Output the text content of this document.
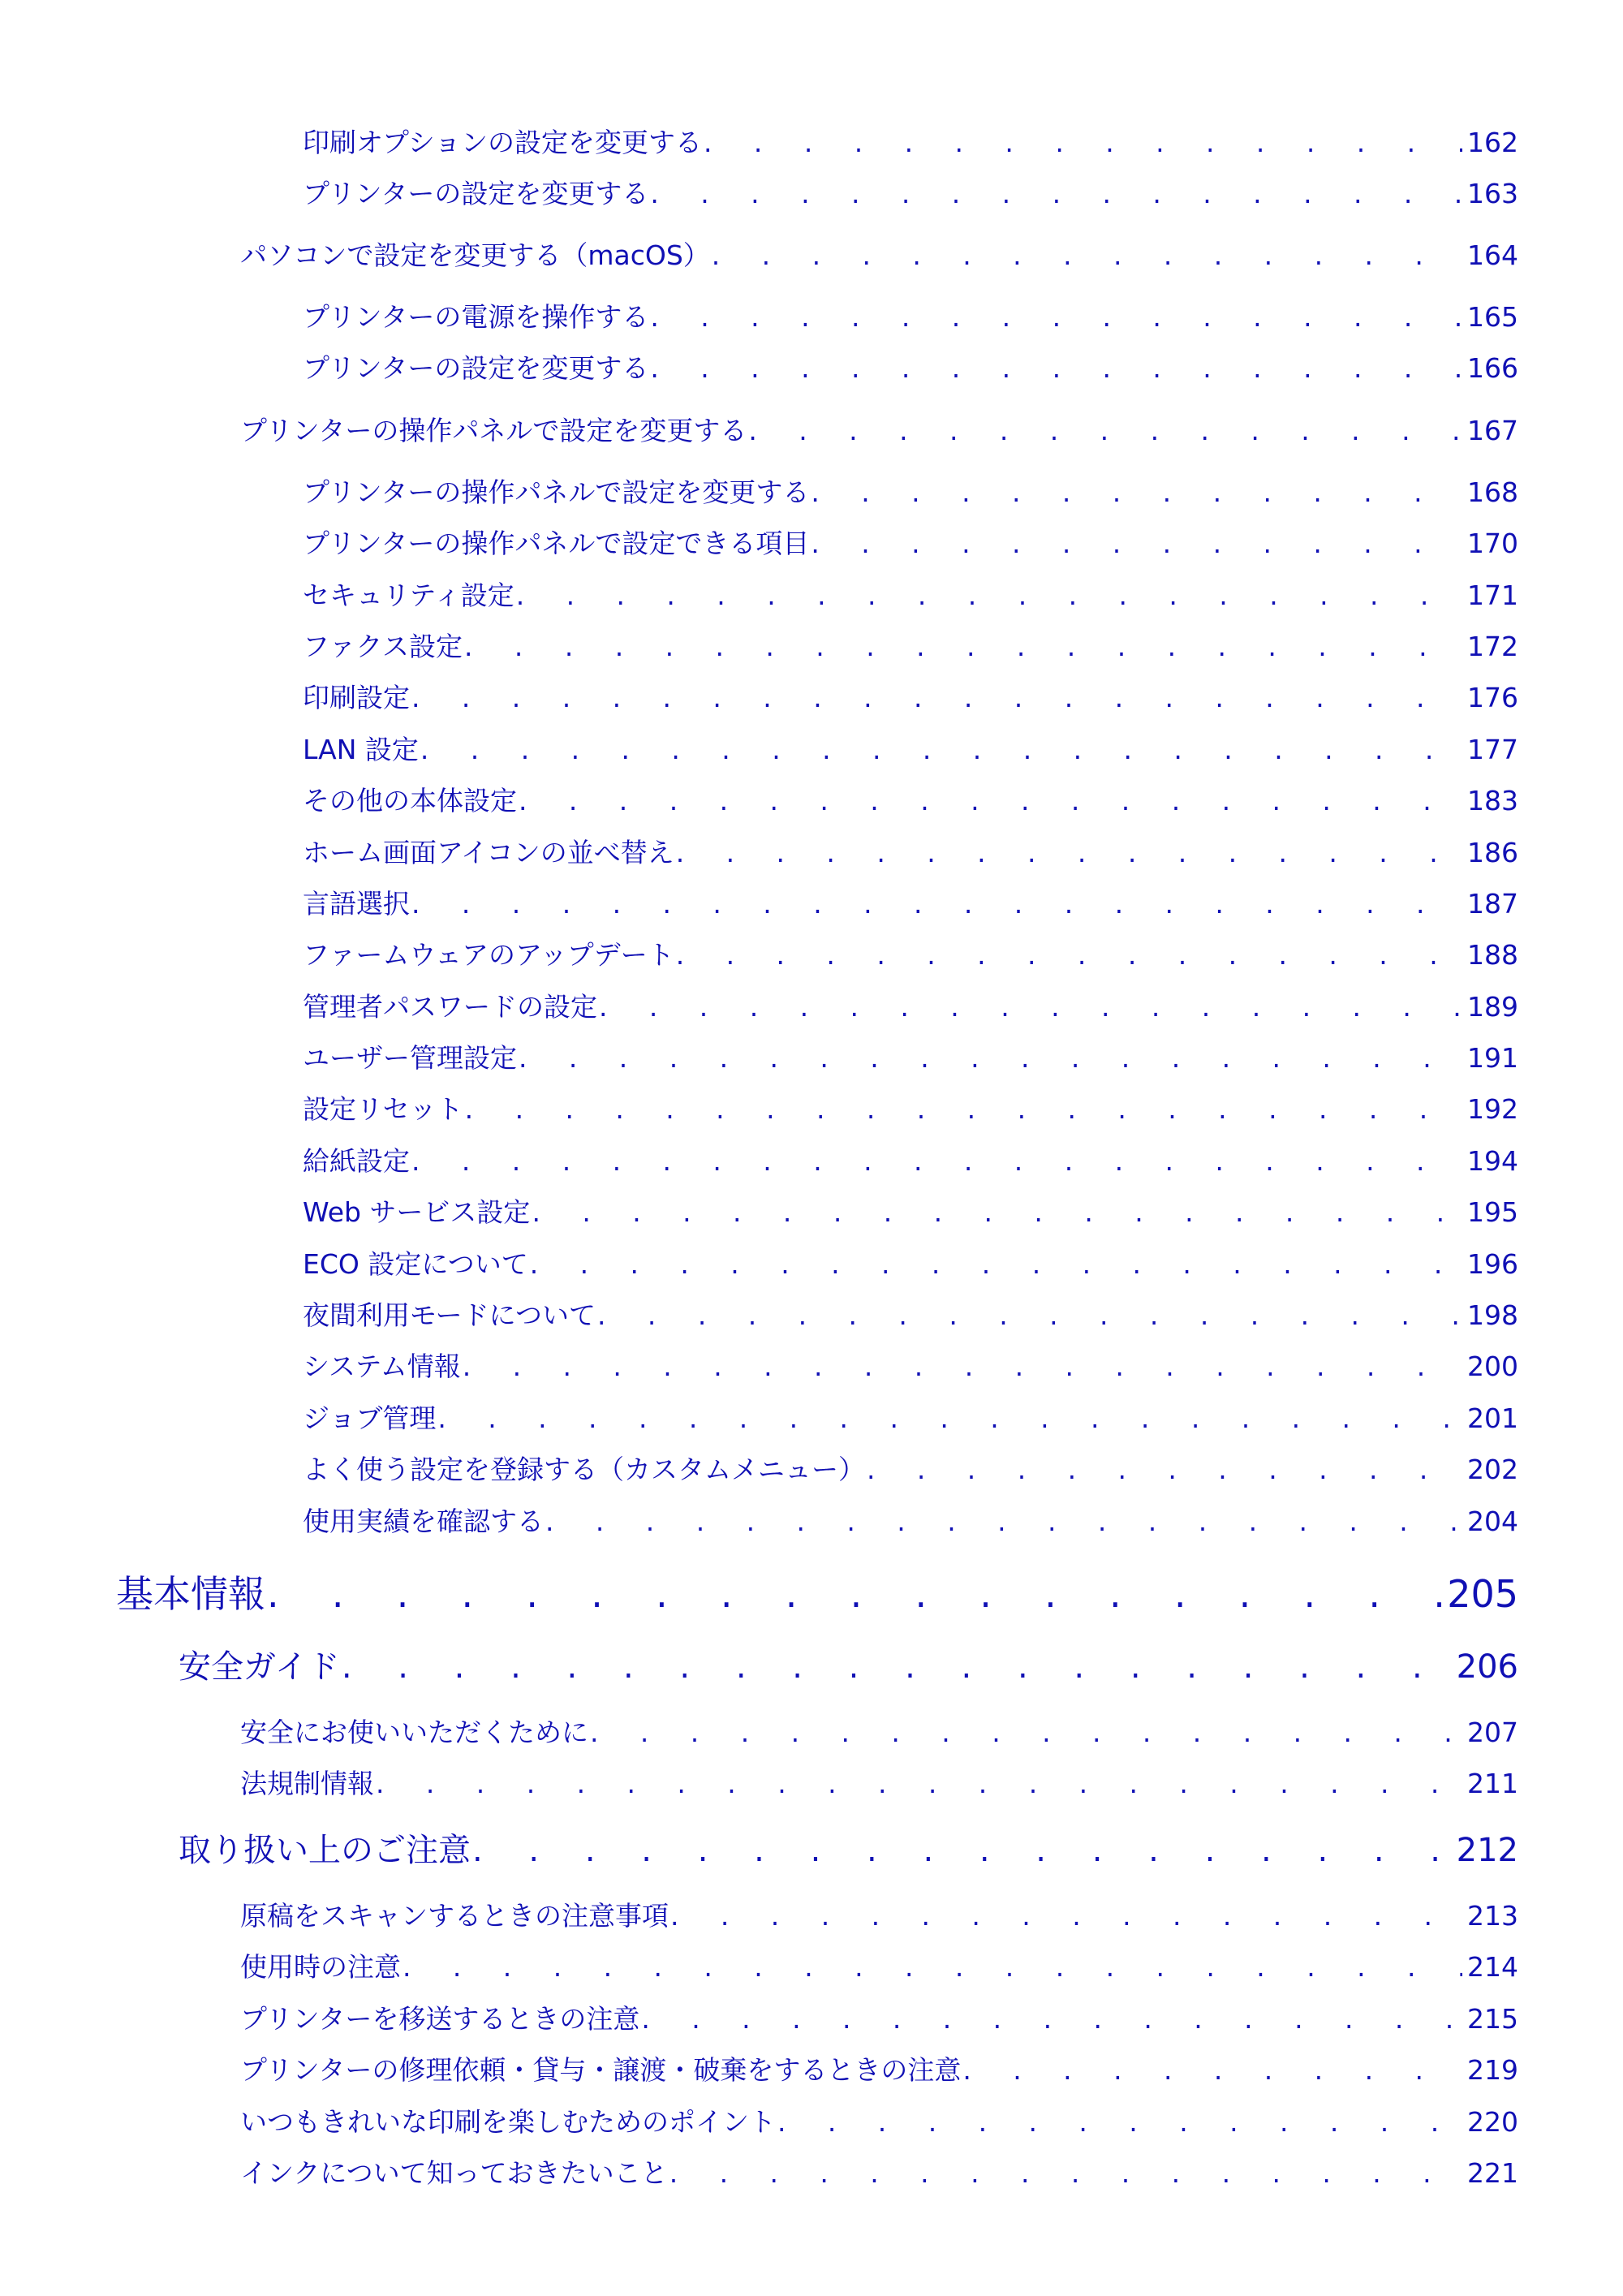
印刷オプションの設定を変更する . . .	162
プリンターの設定を変更する . . .	163
パソコンで設定を変更する（macOS） . . .	164
プリンターの電源を操作する . . .	165
プリンターの設定を変更する . . .	166
プリンターの操作パネルで設定を変更する . . .	167
プリンターの操作パネルで設定を変更する . . .	168
プリンターの操作パネルで設定できる項目 . . .	170
セキュリティ設定 . . .	171
ファクス設定 . . .	172
印刷設定 . . .	176
LAN 設定 . . .	177
その他の本体設定 . . .	183
ホーム画面アイコンの並べ替え . . .	186
言語選択 . . .	187
ファームウェアのアップデート . . .	188
管理者パスワードの設定 . . .	189
ユーザー管理設定 . . .	191
設定リセット . . .	192
給紙設定 . . .	194
Web サービス設定 . . .	195
ECO 設定について . . .	196
夜間利用モードについて . . .	198
システム情報 . . .	200
ジョブ管理 . . .	201
よく使う設定を登録する（カスタムメニュー） . . .	202
使用実績を確認する . . .	204
基本情報 . . .	205
安全ガイド . . .	206
安全にお使いいただくために . . .	207
法規制情報 . . .	211
取り扱い上のご注意 . . .	212
原稿をスキャンするときの注意事項 . . .	213
使用時の注意 . . .	214
プリンターを移送するときの注意 . . .	215
プリンターの修理依頼・貸与・譲渡・破棄をするときの注意 . . .	219
いつもきれいな印刷を楽しむためのポイント . . .	220
インクについて知っておきたいこと . . .	221
